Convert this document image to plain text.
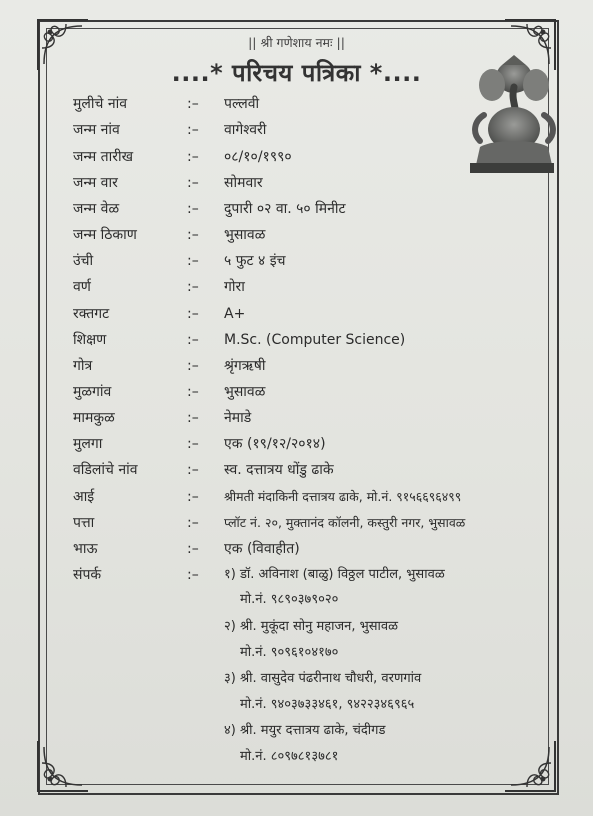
|| श्री गणेशाय नमः ||
....* परिचय पत्रिका *....
मुलीचे नांव	:–	पल्लवी
जन्म नांव	:–	वागेश्वरी
जन्म तारीख	:–	०८/१०/१९९०
जन्म वार	:–	सोमवार
जन्म वेळ	:–	दुपारी ०२ वा. ५० मिनीट
जन्म ठिकाण	:–	भुसावळ
उंची	:–	५ फुट ४ इंच
वर्ण	:–	गोरा
रक्तगट	:–	A+
शिक्षण	:–	M.Sc. (Computer Science)
गोत्र	:–	श्रृंगऋषी
मुळगांव	:–	भुसावळ
मामकुळ	:–	नेमाडे
मुलगा	:–	एक (१९/१२/२०१४)
वडिलांचे नांव	:–	स्व. दत्तात्रय धोंडु ढाके
आई	:–	श्रीमती मंदाकिनी दत्तात्रय ढाके, मो.नं. ९१५६६९६४९९
पत्ता	:–	प्लॉट नं. २०, मुक्तानंद कॉलनी, कस्तुरी नगर, भुसावळ
भाऊ	:–	एक (विवाहीत)
संपर्क	:–	१) डॉ. अविनाश (बाळु) विठ्ठल पाटील, भुसावळ
मो.नं. ९८९०३७९०२०
२) श्री. मुकूंदा सोनु महाजन, भुसावळ
मो.नं. ९०९६१०४१७०
३) श्री. वासुदेव पंढरीनाथ चौधरी, वरणगांव
मो.नं. ९४०३७३३४६१, ९४२२३४६९६५
४) श्री. मयुर दत्तात्रय ढाके, चंदीगड
मो.नं. ८०९७८१३७८१
